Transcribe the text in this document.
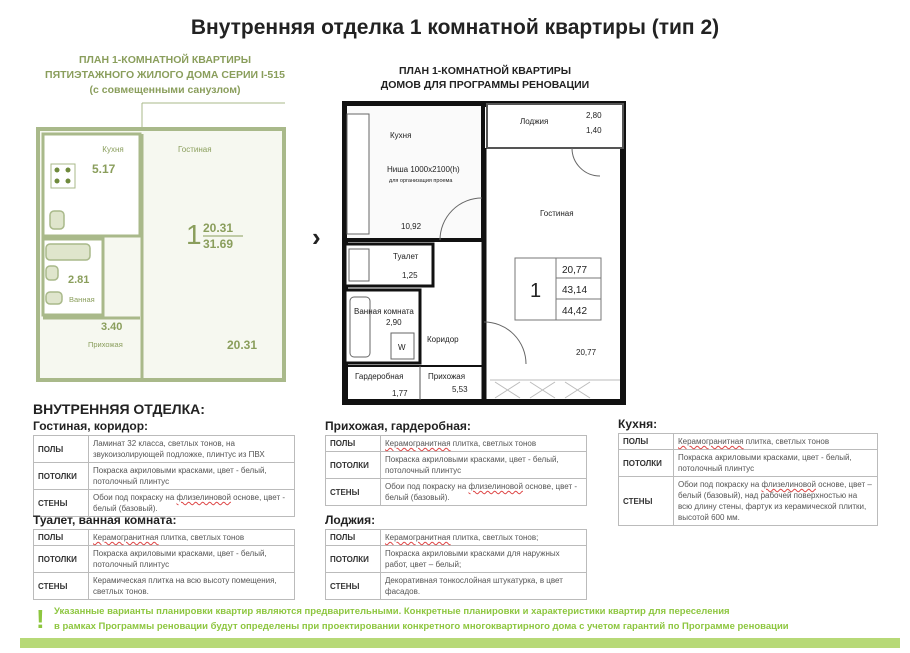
Внутренняя отделка 1 комнатной квартиры (тип 2)
ПЛАН 1-КОМНАТНОЙ КВАРТИРЫ
ПЯТИЭТАЖНОГО ЖИЛОГО ДОМА СЕРИИ I-515
(с совмещенными санузлом)
Кухня
5.17
Гостиная
1 20.31
31.69
2.81
Ванная
3.40
Прихожая	20.31
Кухня
Ниша 1000х2100(h)
для организация проема
10,92
Лоджия
2,80
1,40
Гостиная
1
20,77
43,14
44,42
20,77
Туалет
1,25
Ванная комната
2,90
W
Коридор
Гардеробная
1,77
Прихожая
5,53
ПЛАН 1-КОМНАТНОЙ КВАРТИРЫ
ДОМОВ ДЛЯ ПРОГРАММЫ РЕНОВАЦИИ
›
ВНУТРЕННЯЯ ОТДЕЛКА:
Гостиная, коридор:
ПОЛЫ	Ламинат 32 класса, светлых тонов, на звукоизолирующей подложке, плинтус из ПВХ
ПОТОЛКИ	Покраска акриловыми красками, цвет - белый, потолочный плинтус
СТЕНЫ	Обои под покраску на флизелиновой основе, цвет - белый (базовый).
Туалет, ванная комната:
ПОЛЫ	Керамогранитная плитка, светлых тонов
ПОТОЛКИ	Покраска акриловыми красками, цвет - белый, потолочный плинтус
СТЕНЫ	Керамическая плитка на всю высоту помещения, светлых тонов.
Прихожая, гардеробная:
ПОЛЫ	Керамогранитная плитка, светлых тонов
ПОТОЛКИ	Покраска акриловыми красками, цвет - белый, потолочный плинтус
СТЕНЫ	Обои под покраску на флизелиновой основе, цвет - белый (базовый).
Лоджия:
ПОЛЫ	Керамогранитная плитка, светлых тонов;
ПОТОЛКИ	Покраска акриловыми красками для наружных работ, цвет – белый;
СТЕНЫ	Декоративная тонкослойная штукатурка, в цвет фасадов.
Кухня:
ПОЛЫ	Керамогранитная плитка, светлых тонов
ПОТОЛКИ	Покраска акриловыми красками, цвет - белый, потолочный плинтус
СТЕНЫ	Обои под покраску на флизелиновой основе, цвет – белый (базовый), над рабочей поверхностью на всю длину стены, фартук из керамической плитки, высотой 600 мм.
! Указанные варианты планировки квартир являются предварительными. Конкретные планировки и характеристики квартир для переселения
в рамках Программы реновации будут определены при проектировании конкретного многоквартирного дома с учетом гарантий по Программе реновации
